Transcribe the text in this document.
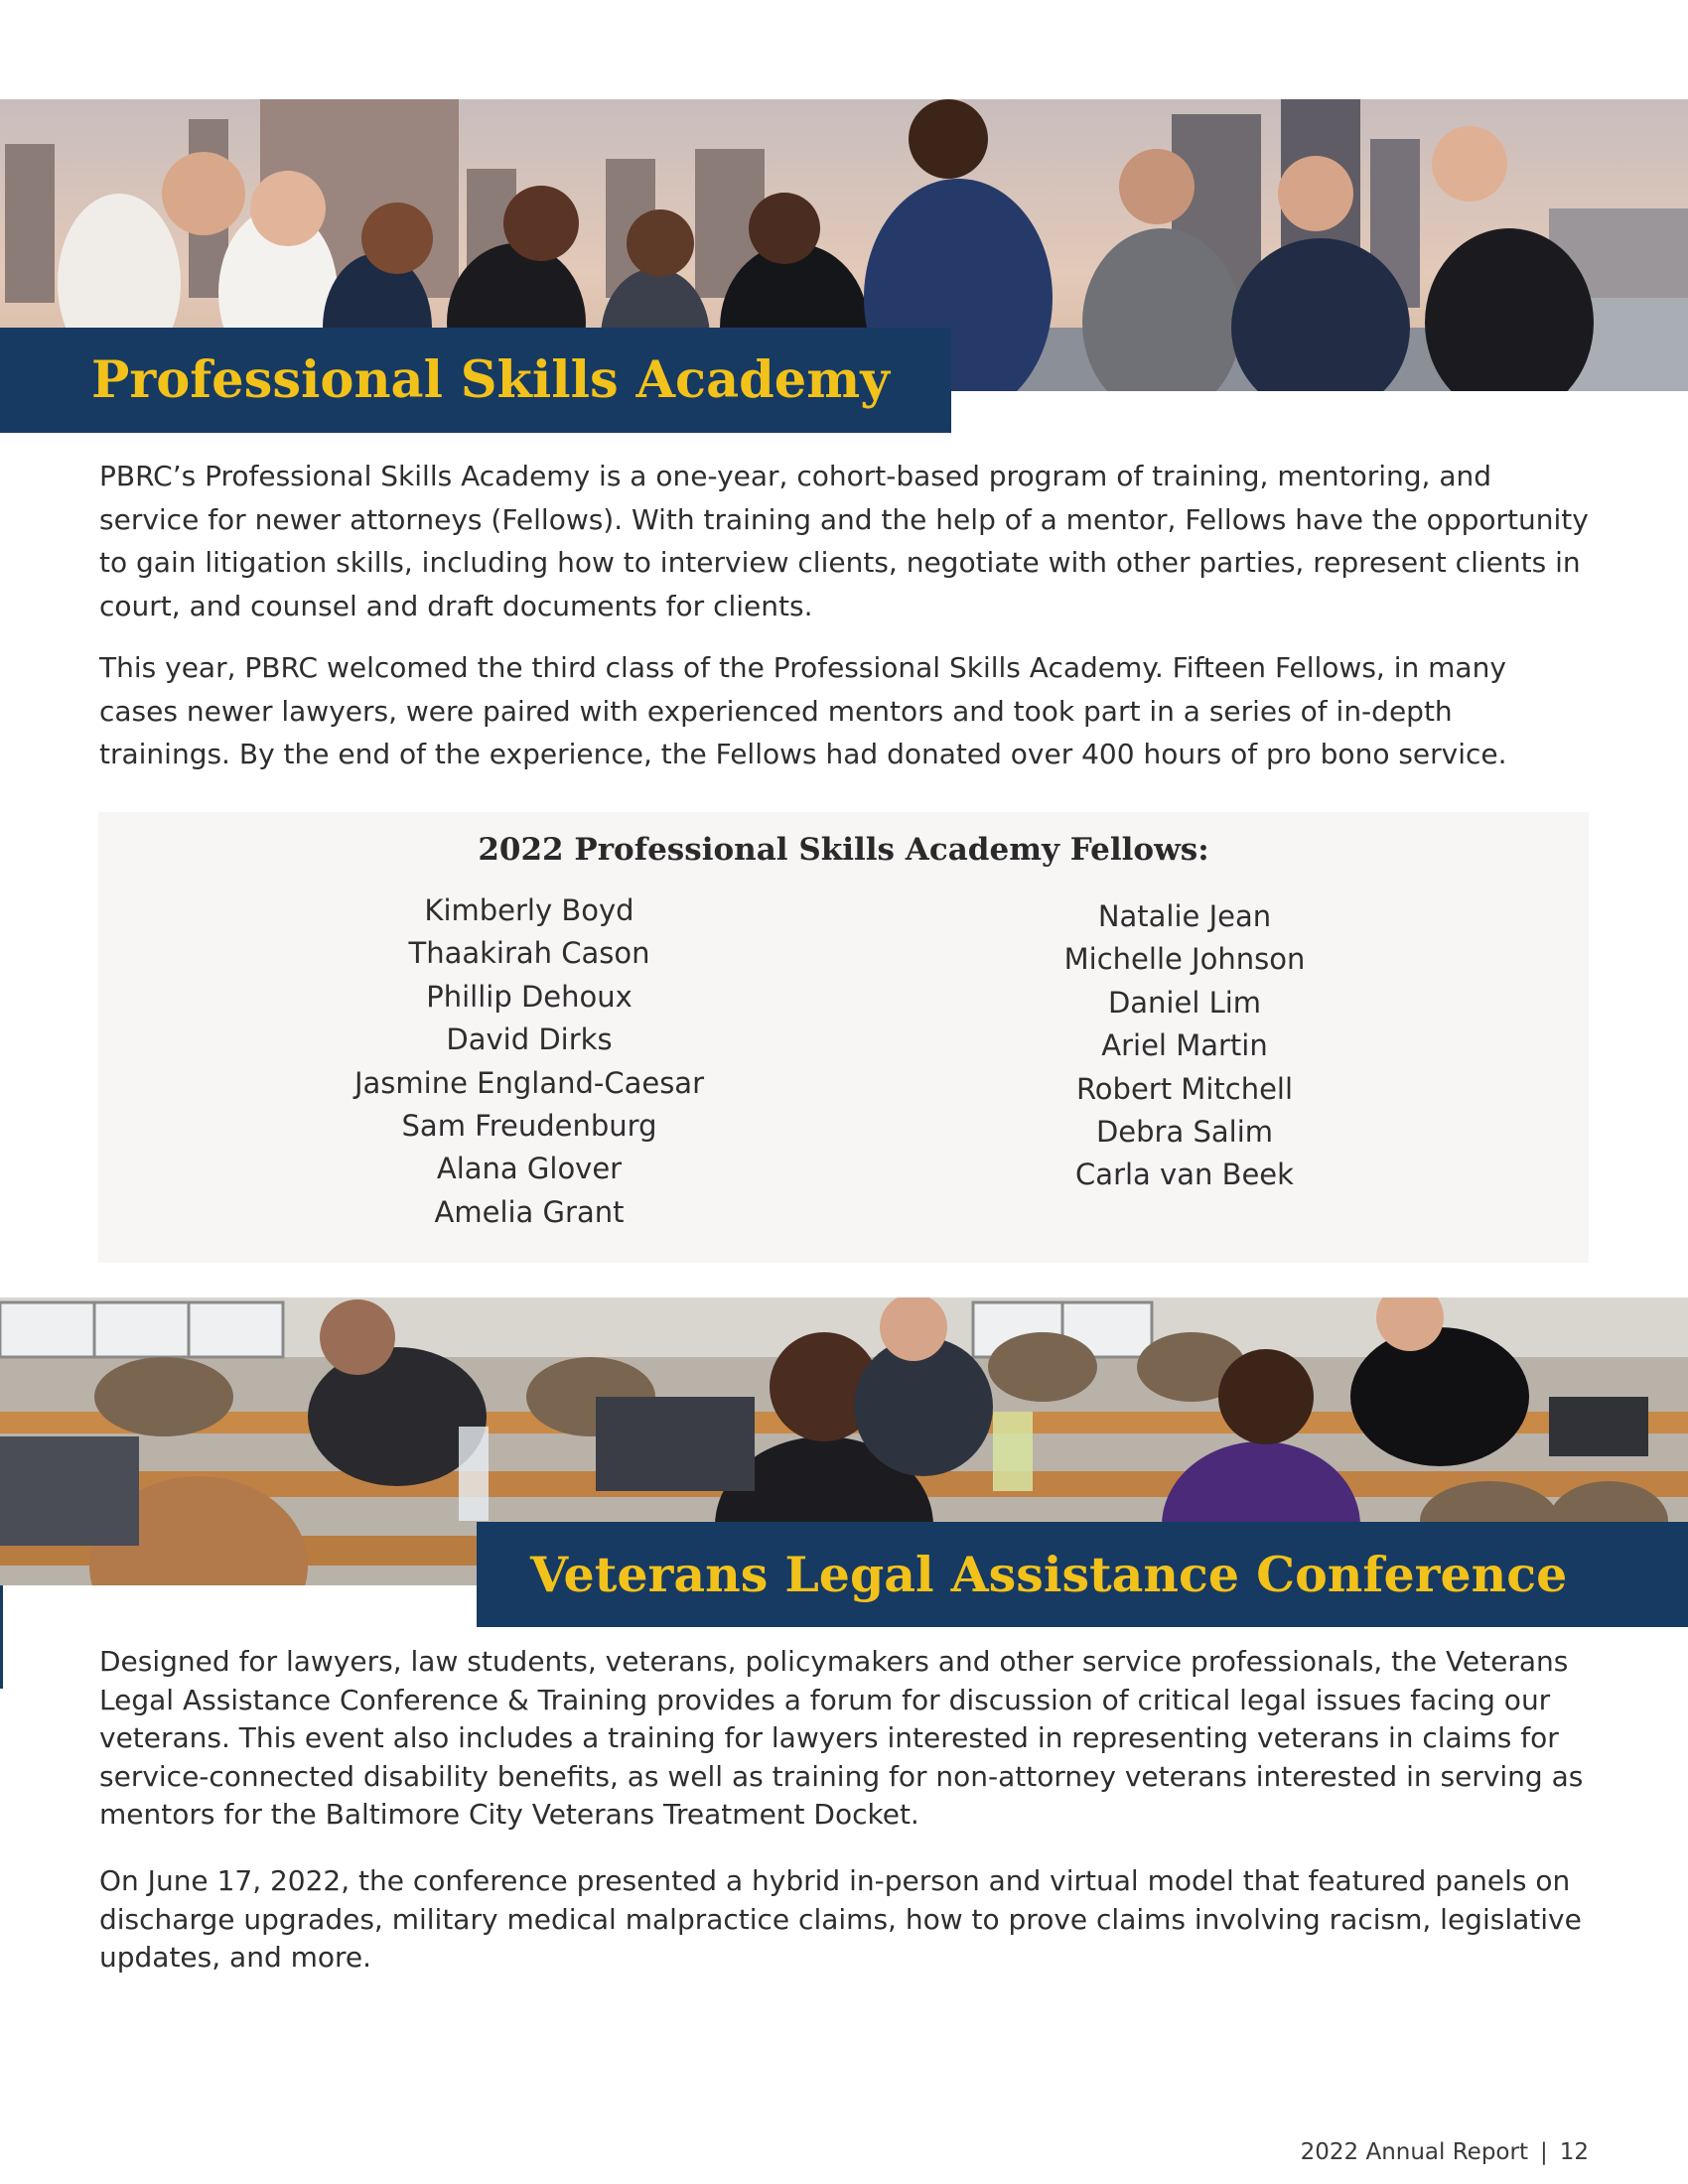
Professional Skills Academy

PBRC’s Professional Skills Academy is a one-year, cohort-based program of training, mentoring, and service for newer attorneys (Fellows). With training and the help of a mentor, Fellows have the opportunity to gain litigation skills, including how to interview clients, negotiate with other parties, represent clients in court, and counsel and draft documents for clients.

This year, PBRC welcomed the third class of the Professional Skills Academy. Fifteen Fellows, in many cases newer lawyers, were paired with experienced mentors and took part in a series of in-depth trainings. By the end of the experience, the Fellows had donated over 400 hours of pro bono service.

2022 Professional Skills Academy Fellows:
Kimberly Boyd
Thaakirah Cason
Phillip Dehoux
David Dirks
Jasmine England-Caesar
Sam Freudenburg
Alana Glover
Amelia Grant
Natalie Jean
Michelle Johnson
Daniel Lim
Ariel Martin
Robert Mitchell
Debra Salim
Carla van Beek
Veterans Legal Assistance Conference

Designed for lawyers, law students, veterans, policymakers and other service professionals, the Veterans Legal Assistance Conference & Training provides a forum for discussion of critical legal issues facing our veterans. This event also includes a training for lawyers interested in representing veterans in claims for service-connected disability benefits, as well as training for non-attorney veterans interested in serving as mentors for the Baltimore City Veterans Treatment Docket.

On June 17, 2022, the conference presented a hybrid in-person and virtual model that featured panels on discharge upgrades, military medical malpractice claims, how to prove claims involving racism, legislative updates, and more.

2022 Annual Report | 12
